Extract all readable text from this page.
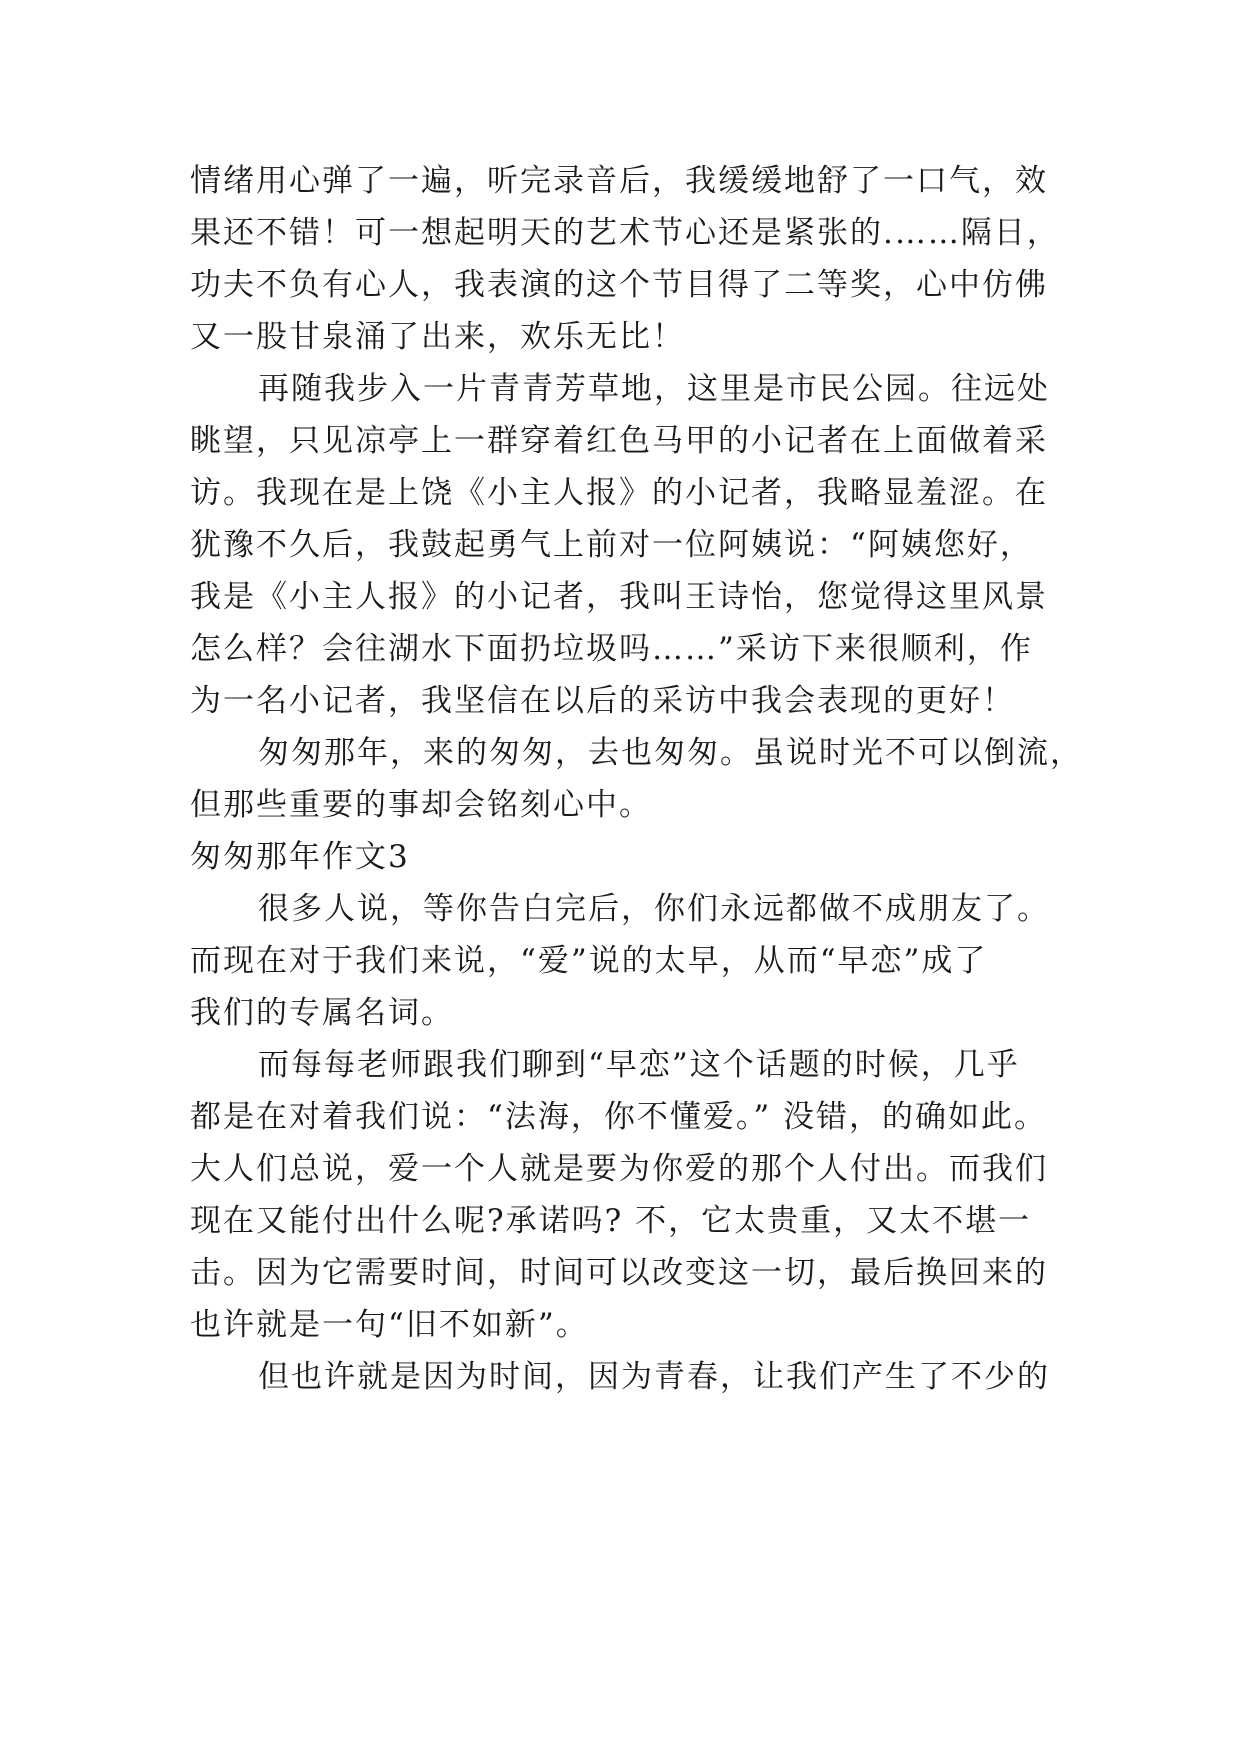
情绪用心弹了一遍，听完录音后，我缓缓地舒了一口气，效
果还不错！可一想起明天的艺术节心还是紧张的.……隔日，
功夫不负有心人，我表演的这个节目得了二等奖，心中仿佛
又一股甘泉涌了出来，欢乐无比！
再随我步入一片青青芳草地，这里是市民公园。往远处
眺望，只见凉亭上一群穿着红色马甲的小记者在上面做着采
访。我现在是上饶《小主人报》的小记者，我略显羞涩。在
犹豫不久后，我鼓起勇气上前对一位阿姨说：“阿姨您好，
我是《小主人报》的小记者，我叫王诗怡，您觉得这里风景
怎么样？会往湖水下面扔垃圾吗……”采访下来很顺利，作
为一名小记者，我坚信在以后的采访中我会表现的更好！
匆匆那年，来的匆匆，去也匆匆。虽说时光不可以倒流，
但那些重要的事却会铭刻心中。
匆匆那年作文3
很多人说，等你告白完后，你们永远都做不成朋友了。
而现在对于我们来说，“爱”说的太早，从而“早恋”成了
我们的专属名词。
而每每老师跟我们聊到“早恋”这个话题的时候，几乎
都是在对着我们说：“法海，你不懂爱。” 没错，的确如此。
大人们总说，爱一个人就是要为你爱的那个人付出。而我们
现在又能付出什么呢?承诺吗? 不，它太贵重，又太不堪一
击。因为它需要时间，时间可以改变这一切，最后换回来的
也许就是一句“旧不如新”。
但也许就是因为时间，因为青春，让我们产生了不少的
